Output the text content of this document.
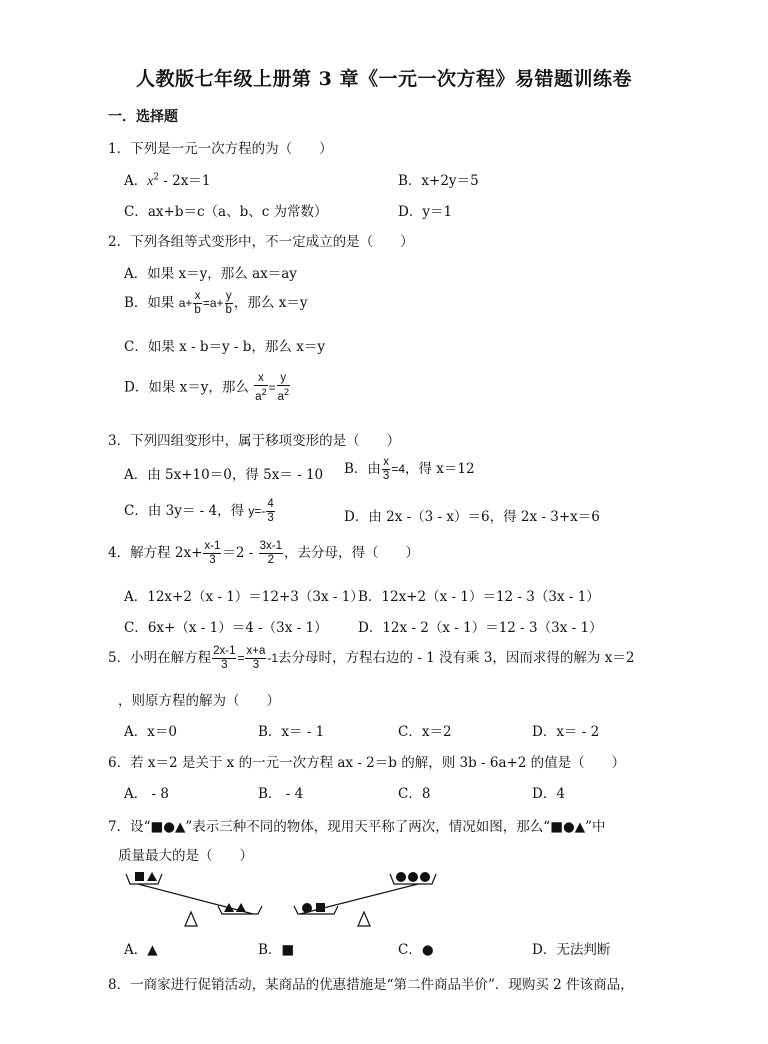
人教版七年级上册第 3 章《一元一次方程》易错题训练卷
一．选择题
1．下列是一元一次方程的为（　　）
A．$x^2 - 2x=1$	B．x+2y＝5
C．ax+b＝c（a、b、c 为常数）	D．y＝1
2．下列各组等式变形中，不一定成立的是（　　）
A．如果 x＝y，那么 ax＝ay
B．如果 $a+ \frac{x}{b} =a+ \frac{y}{b}$ ，那么 x＝y
C．如果 x - b＝y - b，那么 x＝y
D．如果 x＝y，那么 $\frac{x}{a^2} = \frac{y}{a^2}$
3．下列四组变形中，属于移项变形的是（　　）
A．由 5x+10＝0，得 5x＝ - 10 B．由 $\frac{x}{3} =4$，得 x＝12
C．由 3y＝ - 4，得 $y=- \frac{4}{3}$	D．由 2x -（3 - x）＝6，得 2x - 3+x＝6
4．解方程 $2x+ \frac{x-1}{3} =2 - \frac{3x-1}{2}$ ，去分母，得（　　）
A．12x+2（x - 1）＝12+3（3x - 1）
B．12x+2（x - 1）＝12 - 3（3x - 1）
C．6x+（x - 1）＝4 -（3x - 1） D．12x - 2（x - 1）＝12 - 3（3x - 1）
5．小明在解方程 $\frac{2x-1}{3} = \frac{x+a}{3} -1$去分母时，方程右边的 - 1 没有乘 3，因而求得的解为 x＝2
，则原方程的解为（　　）
A．x＝0	B．x＝ - 1	C．x＝2	D．x＝ - 2
6．若 x＝2 是关于 x 的一元一次方程 ax - 2＝b 的解，则 3b - 6a+2 的值是（　　）
A． - 8	B． - 4	C．8	D．4
7．设“■●▲”表示三种不同的物体，现用天平称了两次，情况如图，那么“■●▲”中
质量最大的是（　　）
A．▲	B．■	C．●	D．无法判断
8．一商家进行促销活动，某商品的优惠措施是“第二件商品半价”．现购买 2 件该商品，
